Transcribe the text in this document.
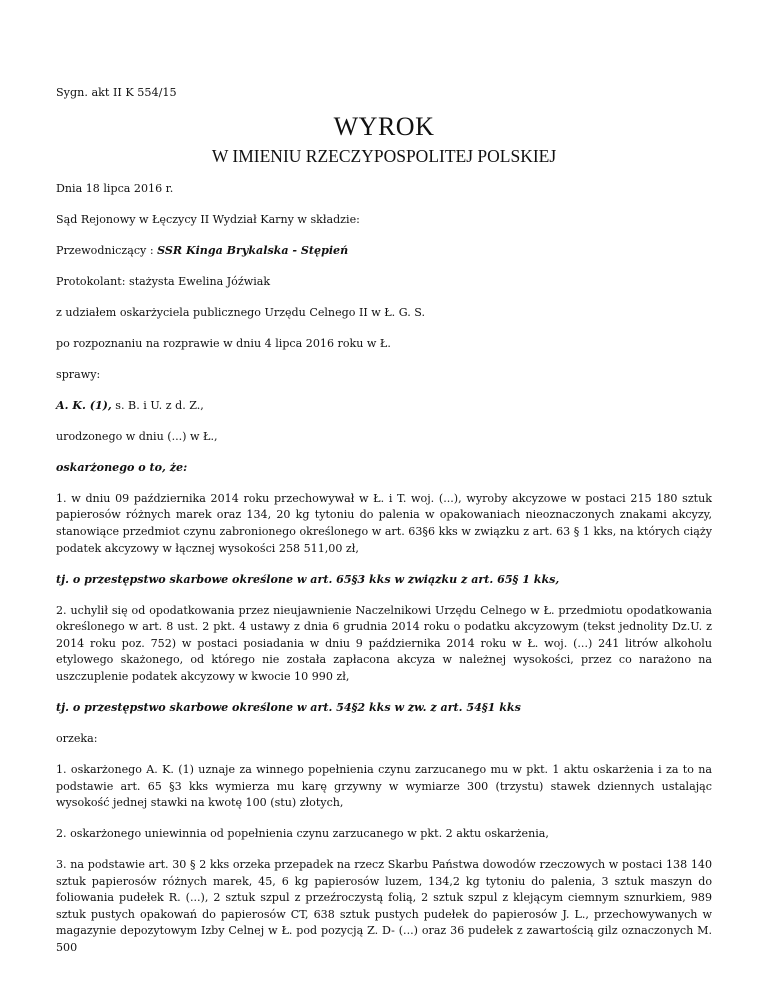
Sygn. akt II K 554/15
WYROK
W IMIENIU RZECZYPOSPOLITEJ POLSKIEJ

Dnia 18 lipca 2016 r.

Sąd Rejonowy w Łęczycy II Wydział Karny w składzie:

Przewodniczący : SSR Kinga Brykalska - Stępień

Protokolant: stażysta Ewelina Jóźwiak

z udziałem oskarżyciela publicznego Urzędu Celnego II w Ł. G. S.

po rozpoznaniu na rozprawie w dniu 4 lipca 2016 roku w Ł.

sprawy:

A. K. (1), s. B. i U. z d. Z.,

urodzonego w dniu (...) w Ł.,

oskarżonego o to, że:

1. w dniu 09 października 2014 roku przechowywał w Ł. i T. woj. (...), wyroby akcyzowe w postaci 215 180 sztuk papierosów różnych marek oraz 134, 20 kg tytoniu do palenia w opakowaniach nieoznaczonych znakami akcyzy, stanowiące przedmiot czynu zabronionego określonego w art. 63§6 kks w związku z art. 63 § 1 kks, na których ciąży podatek akcyzowy w łącznej wysokości 258 511,00 zł,

tj. o przestępstwo skarbowe określone w art. 65§3 kks w związku z art. 65§ 1 kks,

2. uchylił się od opodatkowania przez nieujawnienie Naczelnikowi Urzędu Celnego w Ł. przedmiotu opodatkowania określonego w art. 8 ust. 2 pkt. 4 ustawy z dnia 6 grudnia 2014 roku o podatku akcyzowym (tekst jednolity Dz.U. z 2014 roku poz. 752) w postaci posiadania w dniu 9 października 2014 roku w Ł. woj. (...) 241 litrów alkoholu etylowego skażonego, od którego nie została zapłacona akcyza w należnej wysokości, przez co narażono na uszczuplenie podatek akcyzowy w kwocie 10 990 zł,

tj. o przestępstwo skarbowe określone w art. 54§2 kks w zw. z art. 54§1 kks

orzeka:

1. oskarżonego A. K. (1) uznaje za winnego popełnienia czynu zarzucanego mu w pkt. 1 aktu oskarżenia i za to na podstawie art. 65 §3 kks wymierza mu karę grzywny w wymiarze 300 (trzystu) stawek dziennych ustalając wysokość jednej stawki na kwotę 100 (stu) złotych,

2. oskarżonego uniewinnia od popełnienia czynu zarzucanego w pkt. 2 aktu oskarżenia,

3. na podstawie art. 30 § 2 kks orzeka przepadek na rzecz Skarbu Państwa dowodów rzeczowych w postaci 138 140 sztuk papierosów różnych marek, 45, 6 kg papierosów luzem, 134,2 kg tytoniu do palenia, 3 sztuk maszyn do foliowania pudełek R. (...), 2 sztuk szpul z przeźroczystą folią, 2 sztuk szpul z klejącym ciemnym sznurkiem, 989 sztuk pustych opakowań do papierosów CT, 638 sztuk pustych pudełek do papierosów J. L., przechowywanych w magazynie depozytowym Izby Celnej w Ł. pod pozycją Z. D- (...) oraz 36 pudełek z zawartością gilz oznaczonych M. 500
